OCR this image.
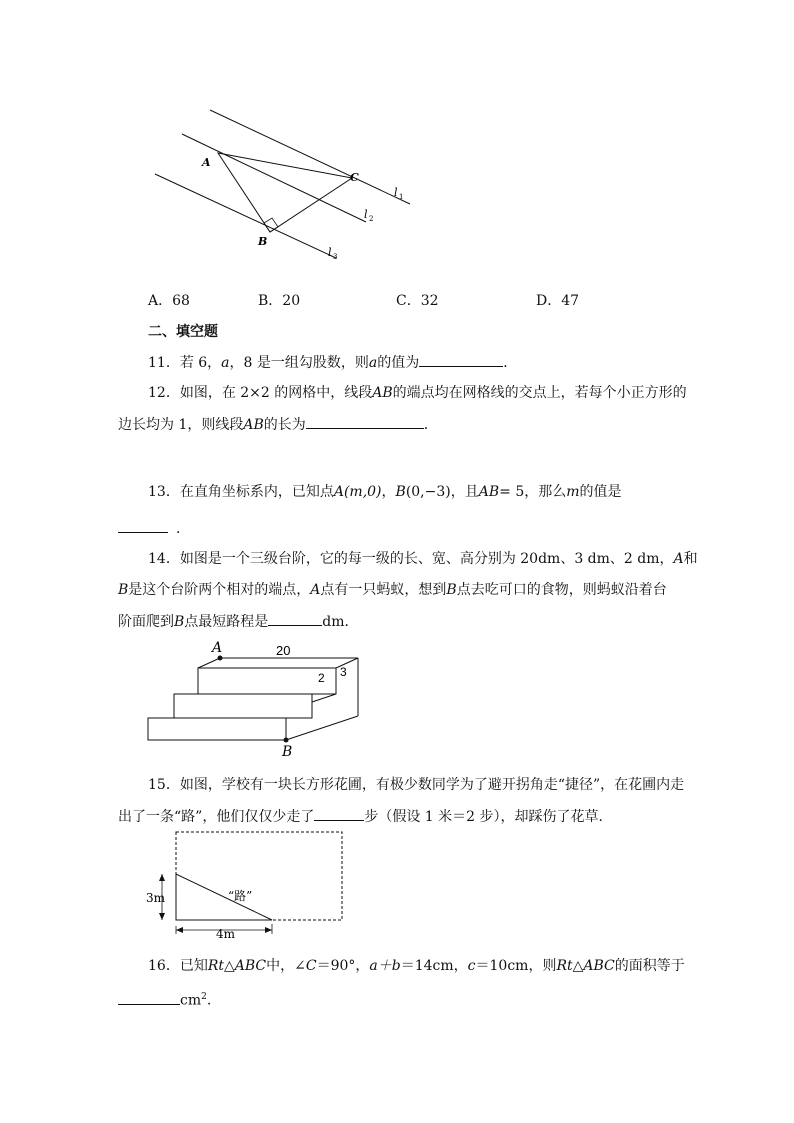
A
B
C
l 1
l 2
l 3
A．68	B．20	C．32	D．47
二、填空题
11．若 6，a，8 是一组勾股数，则a的值为	．
12．如图，在 2×2 的网格中，线段AB的端点均在网格线的交点上，若每个小正方形的
边长均为 1，则线段AB的长为	．
13．在直角坐标系内，已知点A(m,0)，B(0,−3)，且AB= 5，那么m的值是
．
14．如图是一个三级台阶，它的每一级的长、宽、高分别为 20dm、3 dm、2 dm，A和
B是这个台阶两个相对的端点，A点有一只蚂蚁，想到B点去吃可口的食物，则蚂蚁沿着台
阶面爬到B点最短路程是	dm．
A
B
20
2 3
15．如图，学校有一块长方形花圃，有极少数同学为了避开拐角走“捷径”，在花圃内走
出了一条“路”，他们仅仅少走了	步（假设 1 米＝2 步），却踩伤了花草．
“路”
3m
4m
16．已知Rt△ABC中，∠C＝90°，a＋b＝14cm，c＝10cm，则Rt△ABC的面积等于
$cm^2$.
